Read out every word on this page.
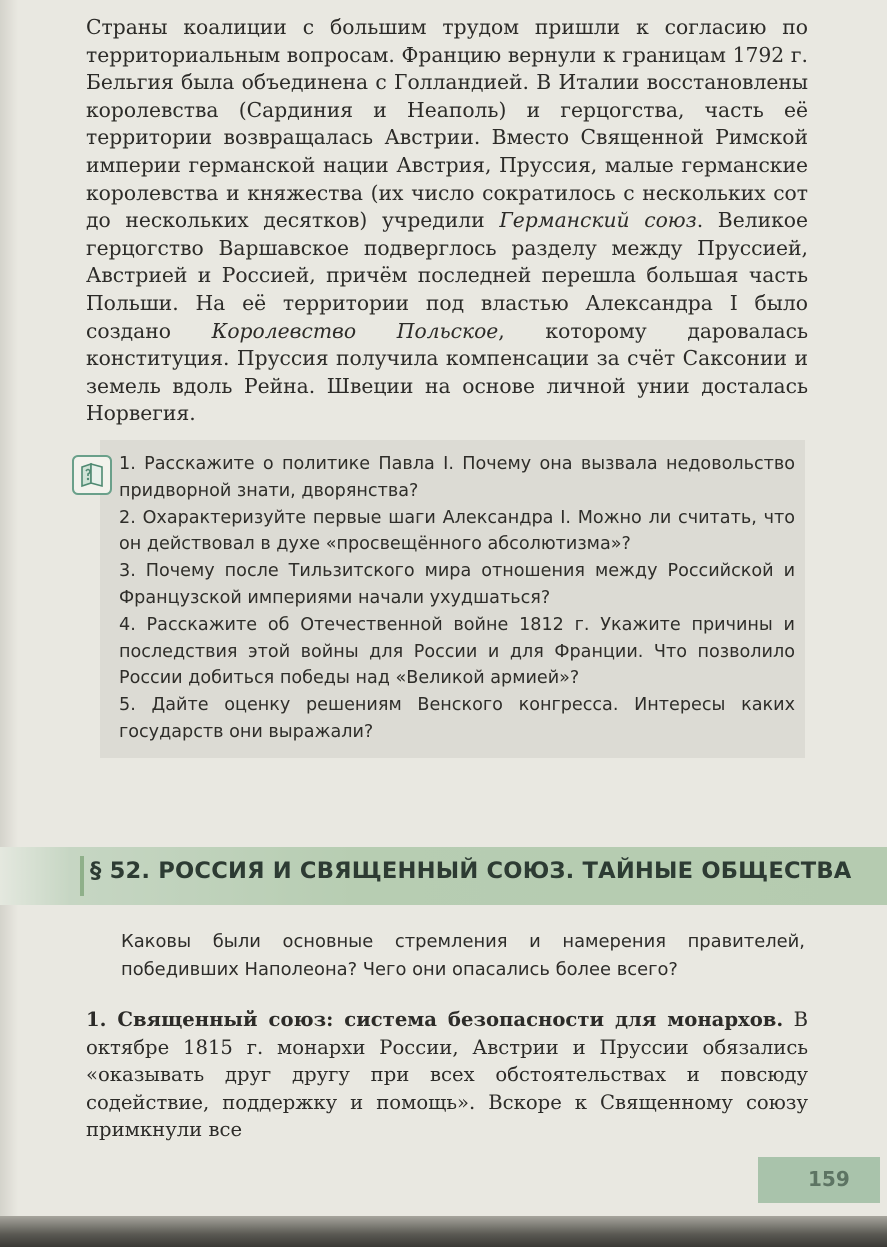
Страны коалиции с большим трудом пришли к согласию по территориальным вопросам. Францию вернули к границам 1792 г. Бельгия была объединена с Голландией. В Италии восстановлены королевства (Сардиния и Неаполь) и герцогства, часть её территории возвращалась Австрии. Вместо Священной Римской империи германской нации Австрия, Пруссия, малые германские королевства и княжества (их число сократилось с нескольких сот до нескольких десятков) учредили Германский союз. Великое герцогство Варшавское подверглось разделу между Пруссией, Австрией и Россией, причём последней перешла большая часть Польши. На её территории под властью Александра I было создано Королевство Польское, которому даровалась конституция. Пруссия получила компенсации за счёт Саксонии и земель вдоль Рейна. Швеции на основе личной унии досталась Норвегия.

1. Расскажите о политике Павла I. Почему она вызвала недовольство придворной знати, дворянства?
2. Охарактеризуйте первые шаги Александра I. Можно ли считать, что он действовал в духе «просвещённого абсолютизма»?
3. Почему после Тильзитского мира отношения между Российской и Французской империями начали ухудшаться?
4. Расскажите об Отечественной войне 1812 г. Укажите причины и последствия этой войны для России и для Франции. Что позволило России добиться победы над «Великой армией»?
5. Дайте оценку решениям Венского конгресса. Интересы каких государств они выражали?
§ 52. РОССИЯ И СВЯЩЕННЫЙ СОЮЗ. ТАЙНЫЕ ОБЩЕСТВА

Каковы были основные стремления и намерения правителей, победивших Наполеона? Чего они опасались более всего?

1. Священный союз: система безопасности для монархов. В октябре 1815 г. монархи России, Австрии и Пруссии обязались «оказывать друг другу при всех обстоятельствах и повсюду содействие, поддержку и помощь». Вскоре к Священному союзу примкнули все

159
